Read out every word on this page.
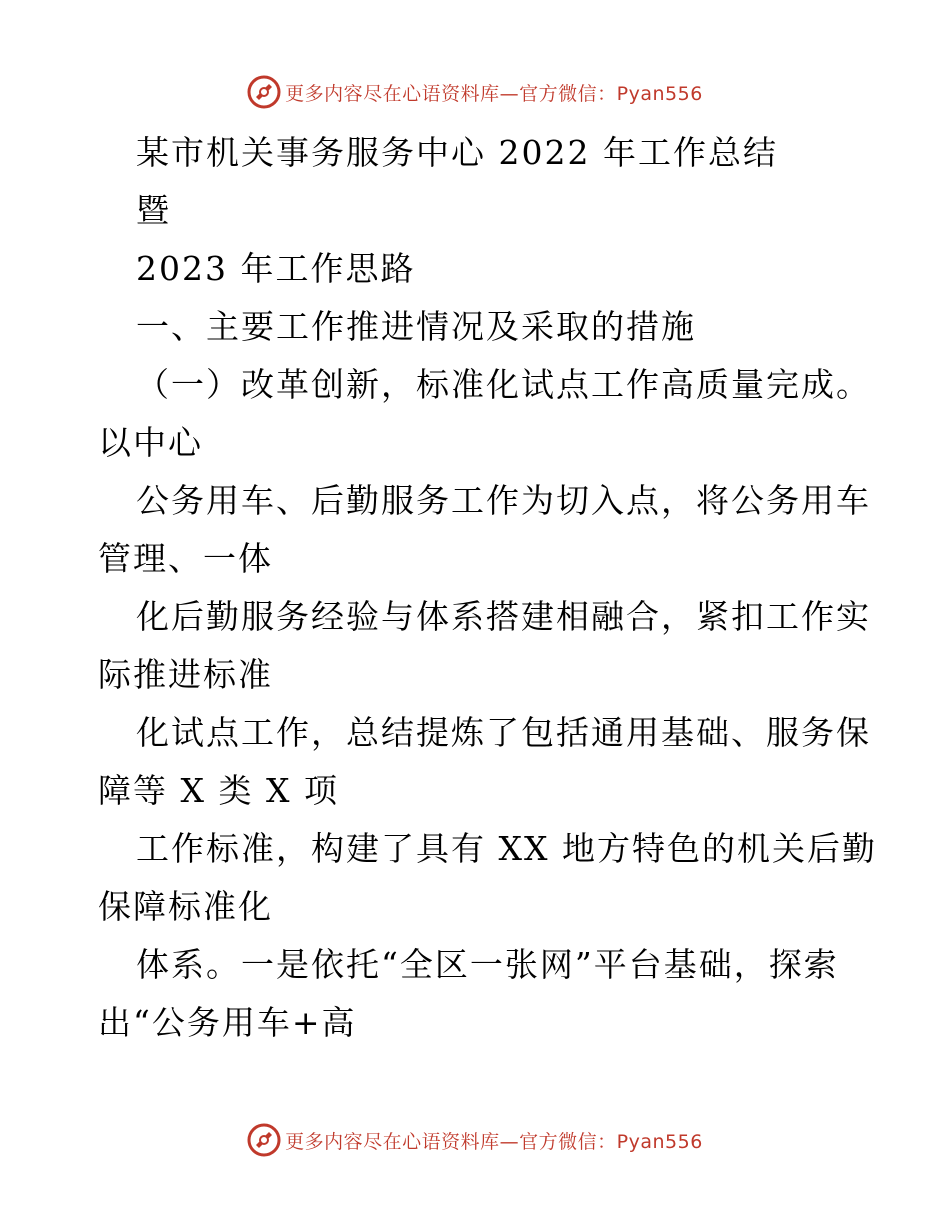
更多内容尽在心语资料库—官方微信：Pyan556
某市机关事务服务中心 2022 年工作总结
暨
2023 年工作思路
一、主要工作推进情况及采取的措施
（一）改革创新，标准化试点工作高质量完成。
以中心
公务用车、后勤服务工作为切入点，将公务用车
管理、一体
化后勤服务经验与体系搭建相融合，紧扣工作实
际推进标准
化试点工作，总结提炼了包括通用基础、服务保
障等 X 类 X 项
工作标准，构建了具有 XX 地方特色的机关后勤
保障标准化
体系。一是依托“全区一张网”平台基础，探索
出“公务用车+高
更多内容尽在心语资料库—官方微信：Pyan556
